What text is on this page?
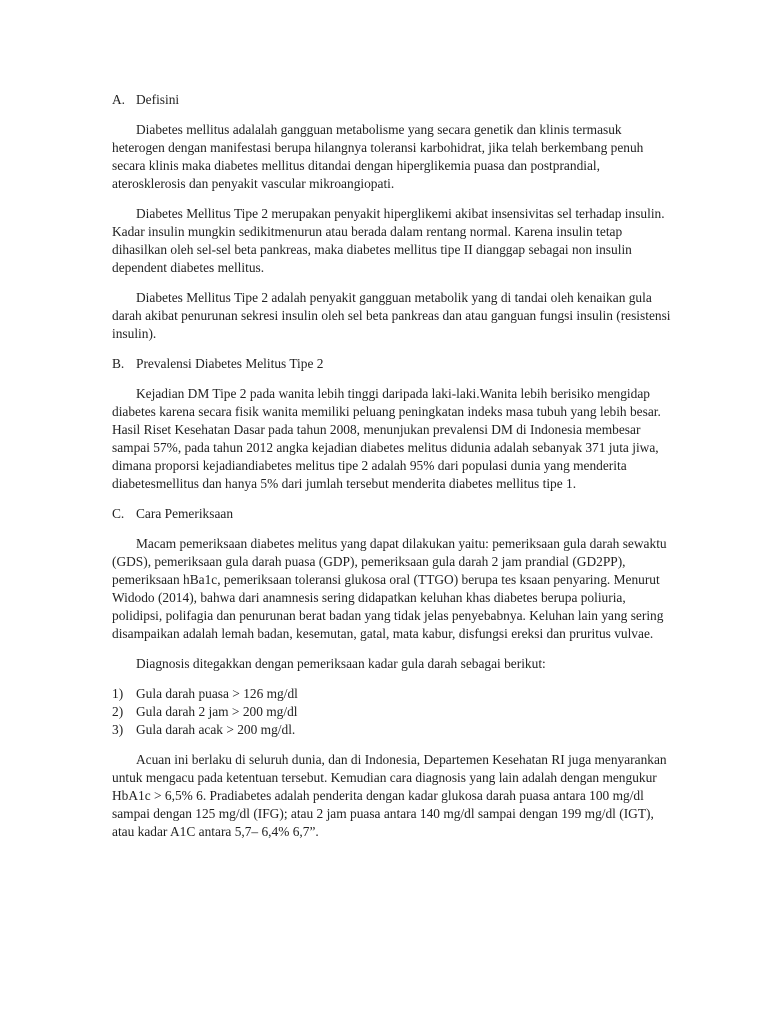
A. Defisini

Diabetes mellitus adalalah gangguan metabolisme yang secara genetik dan klinis termasuk heterogen dengan manifestasi berupa hilangnya toleransi karbohidrat, jika telah berkembang penuh secara klinis maka diabetes mellitus ditandai dengan hiperglikemia puasa dan postprandial, aterosklerosis dan penyakit vascular mikroangiopati.

Diabetes Mellitus Tipe 2 merupakan penyakit hiperglikemi akibat insensivitas sel terhadap insulin. Kadar insulin mungkin sedikitmenurun atau berada dalam rentang normal. Karena insulin tetap dihasilkan oleh sel-sel beta pankreas, maka diabetes mellitus tipe II dianggap sebagai non insulin dependent diabetes mellitus.

Diabetes Mellitus Tipe 2 adalah penyakit gangguan metabolik yang di tandai oleh kenaikan gula darah akibat penurunan sekresi insulin oleh sel beta pankreas dan atau ganguan fungsi insulin (resistensi insulin).

B. Prevalensi Diabetes Melitus Tipe 2

Kejadian DM Tipe 2 pada wanita lebih tinggi daripada laki-laki.Wanita lebih berisiko mengidap diabetes karena secara fisik wanita memiliki peluang peningkatan indeks masa tubuh yang lebih besar. Hasil Riset Kesehatan Dasar pada tahun 2008, menunjukan prevalensi DM di Indonesia membesar sampai 57%, pada tahun 2012 angka kejadian diabetes melitus didunia adalah sebanyak 371 juta jiwa, dimana proporsi kejadiandiabetes melitus tipe 2 adalah 95% dari populasi dunia yang menderita diabetesmellitus dan hanya 5% dari jumlah tersebut menderita diabetes mellitus tipe 1.

C. Cara Pemeriksaan

Macam pemeriksaan diabetes melitus yang dapat dilakukan yaitu: pemeriksaan gula darah sewaktu (GDS), pemeriksaan gula darah puasa (GDP), pemeriksaan gula darah 2 jam prandial (GD2PP), pemeriksaan hBa1c, pemeriksaan toleransi glukosa oral (TTGO) berupa tes ksaan penyaring. Menurut Widodo (2014), bahwa dari anamnesis sering didapatkan keluhan khas diabetes berupa poliuria, polidipsi, polifagia dan penurunan berat badan yang tidak jelas penyebabnya. Keluhan lain yang sering disampaikan adalah lemah badan, kesemutan, gatal, mata kabur, disfungsi ereksi dan pruritus vulvae.

Diagnosis ditegakkan dengan pemeriksaan kadar gula darah sebagai berikut:

1) Gula darah puasa > 126 mg/dl
2) Gula darah 2 jam > 200 mg/dl
3) Gula darah acak > 200 mg/dl.

Acuan ini berlaku di seluruh dunia, dan di Indonesia, Departemen Kesehatan RI juga menyarankan untuk mengacu pada ketentuan tersebut. Kemudian cara diagnosis yang lain adalah dengan mengukur HbA1c > 6,5% 6. Pradiabetes adalah penderita dengan kadar glukosa darah puasa antara 100 mg/dl sampai dengan 125 mg/dl (IFG); atau 2 jam puasa antara 140 mg/dl sampai dengan 199 mg/dl (IGT), atau kadar A1C antara 5,7– 6,4% 6,7”.
